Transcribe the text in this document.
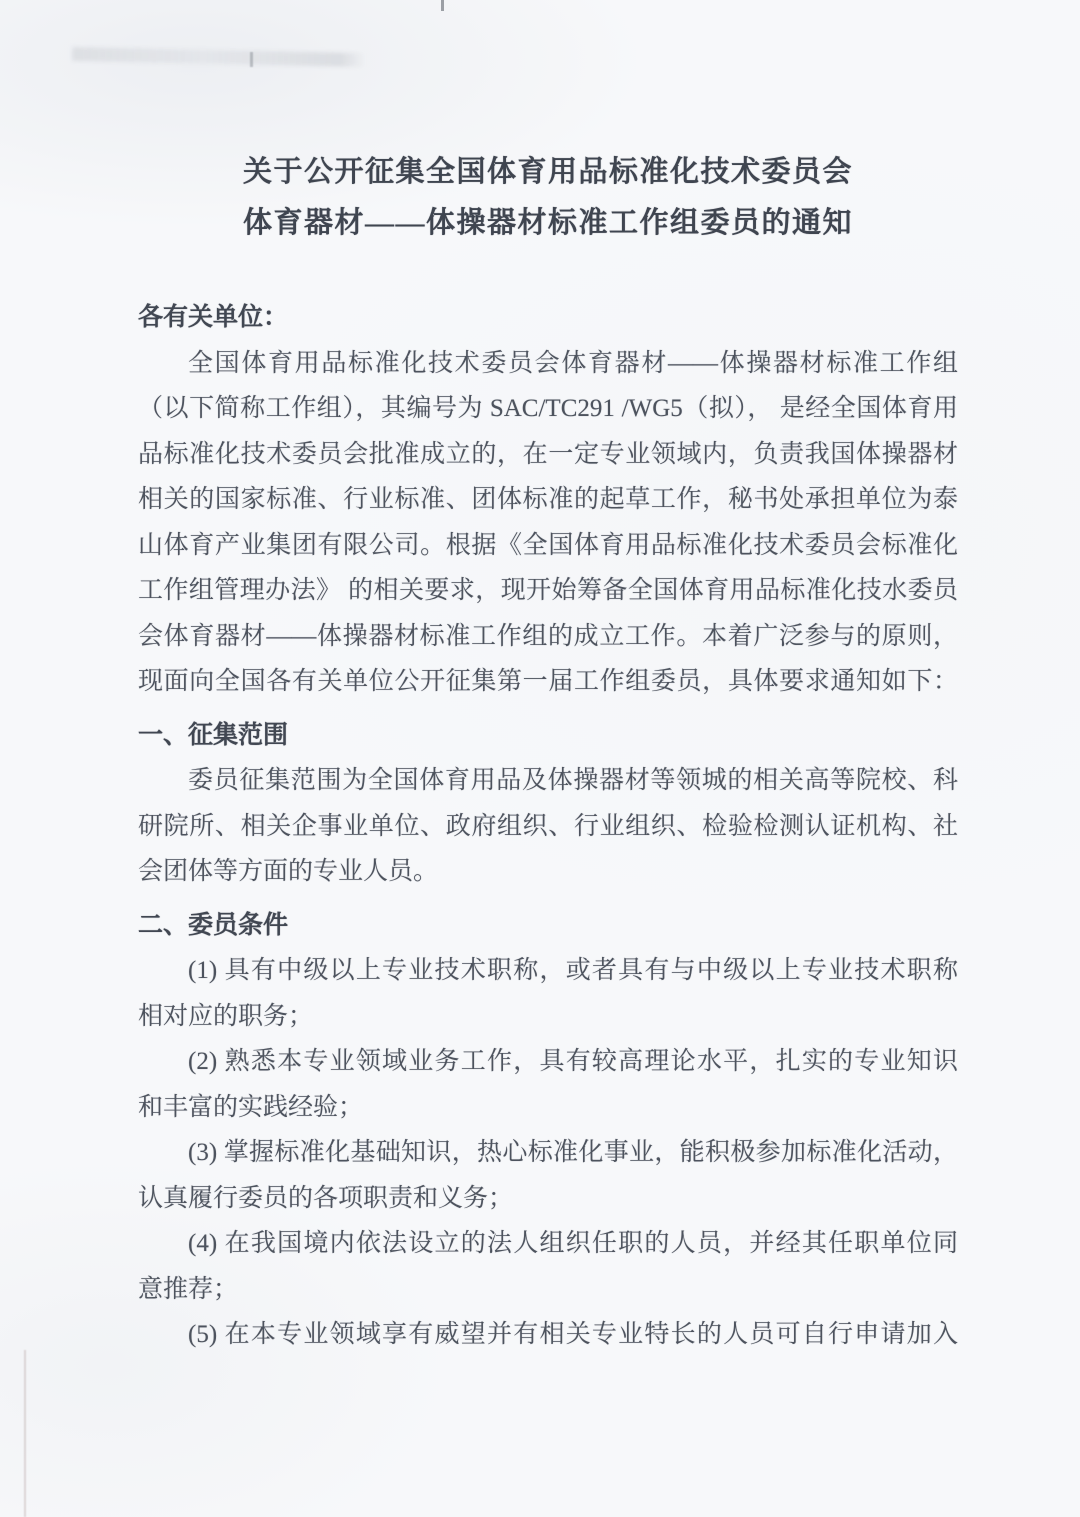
关于公开征集全国体育用品标准化技术委员会
体育器材——体操器材标准工作组委员的通知
各有关单位：
全国体育用品标准化技术委员会体育器材——体操器材标准工作组
（以下简称工作组），其编号为 SAC/TC291 /WG5（拟）， 是经全国体育用
品标准化技术委员会批准成立的，在一定专业领域内，负责我国体操器材
相关的国家标准、行业标准、团体标准的起草工作，秘书处承担单位为泰
山体育产业集团有限公司。根据《全国体育用品标准化技术委员会标准化
工作组管理办法》 的相关要求，现开始筹备全国体育用品标准化技水委员
会体育器材——体操器材标准工作组的成立工作。本着广泛参与的原则，
现面向全国各有关单位公开征集第一届工作组委员，具体要求通知如下：
一、征集范围
委员征集范围为全国体育用品及体操器材等领城的相关高等院校、科
研院所、相关企事业单位、政府组织、行业组织、检验检测认证机构、社
会团体等方面的专业人员。
二、委员条件
(1) 具有中级以上专业技术职称，或者具有与中级以上专业技术职称
相对应的职务；
(2) 熟悉本专业领域业务工作，具有较高理论水平，扎实的专业知识
和丰富的实践经验；
(3) 掌握标准化基础知识，热心标准化事业，能积极参加标准化活动，
认真履行委员的各项职责和义务；
(4) 在我国境内依法设立的法人组织任职的人员，并经其任职单位同
意推荐；
(5) 在本专业领域享有威望并有相关专业特长的人员可自行申请加入
